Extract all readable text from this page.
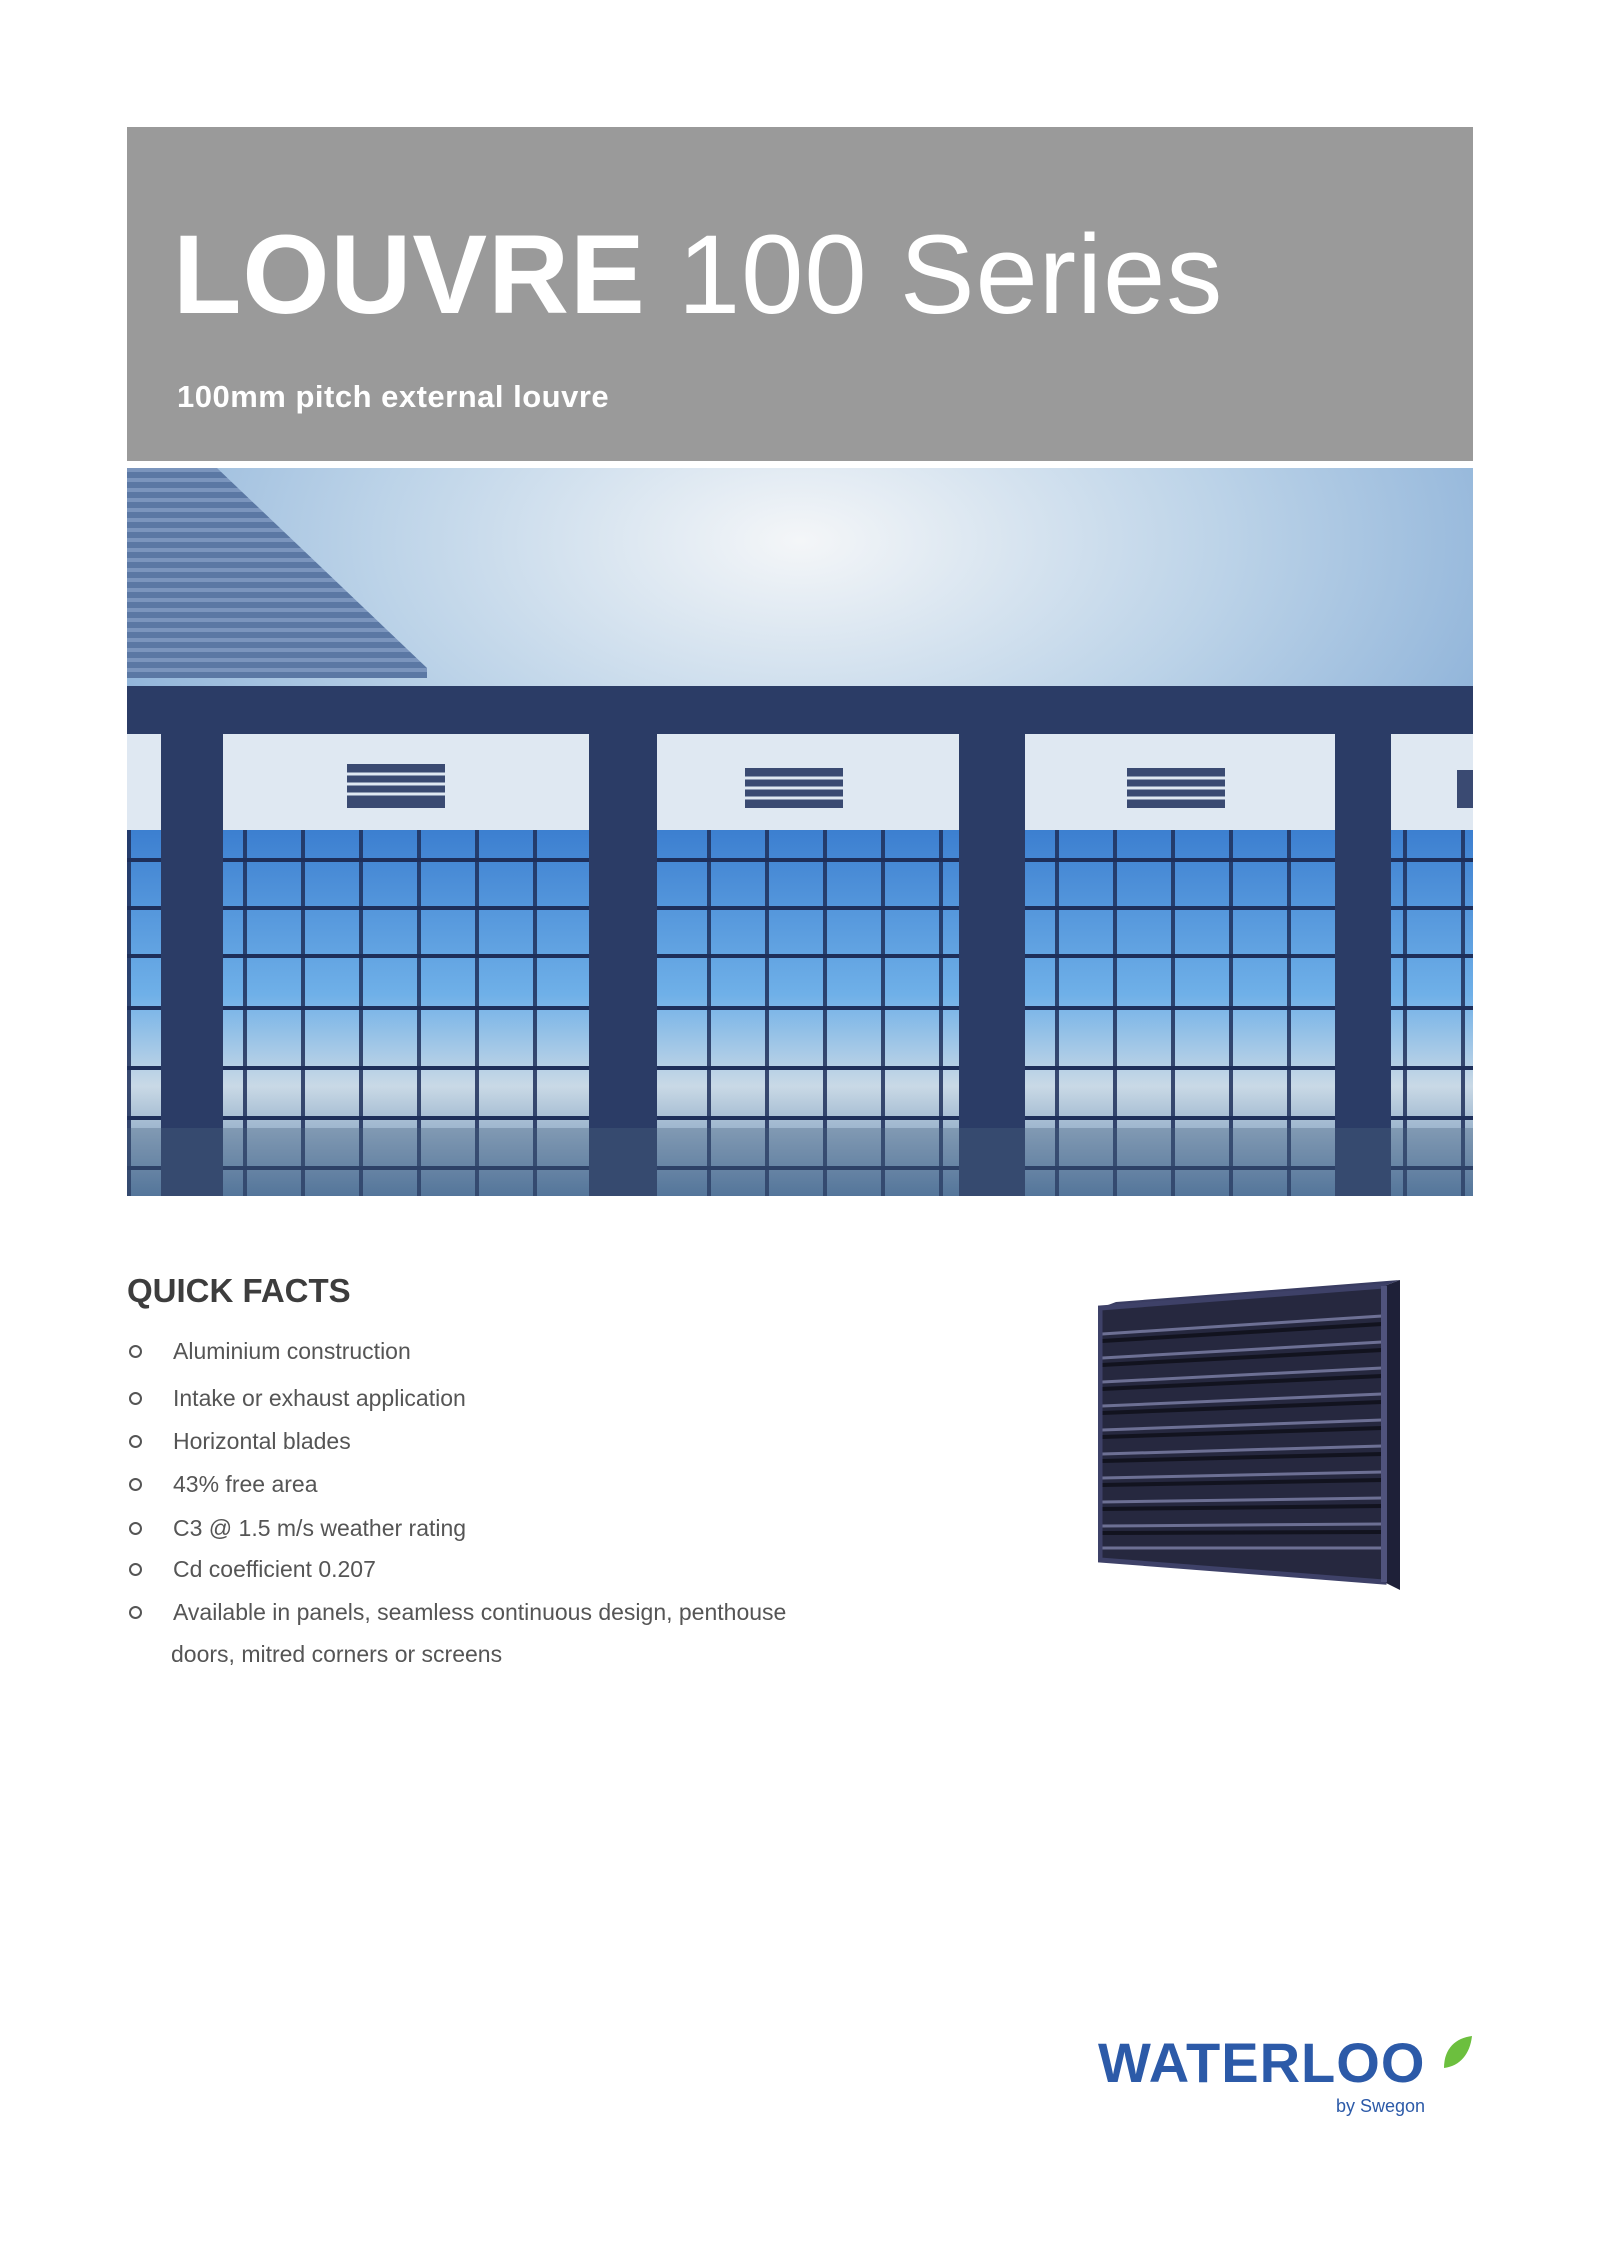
LOUVRE 100 Series
100mm pitch external louvre
QUICK FACTS
Aluminium construction
Intake or exhaust application
Horizontal blades
43% free area
C3 @ 1.5 m/s weather rating
Cd coefficient 0.207
Available in panels, seamless continuous design, penthouse
doors, mitred corners or screens
WATERLOO
by Swegon
